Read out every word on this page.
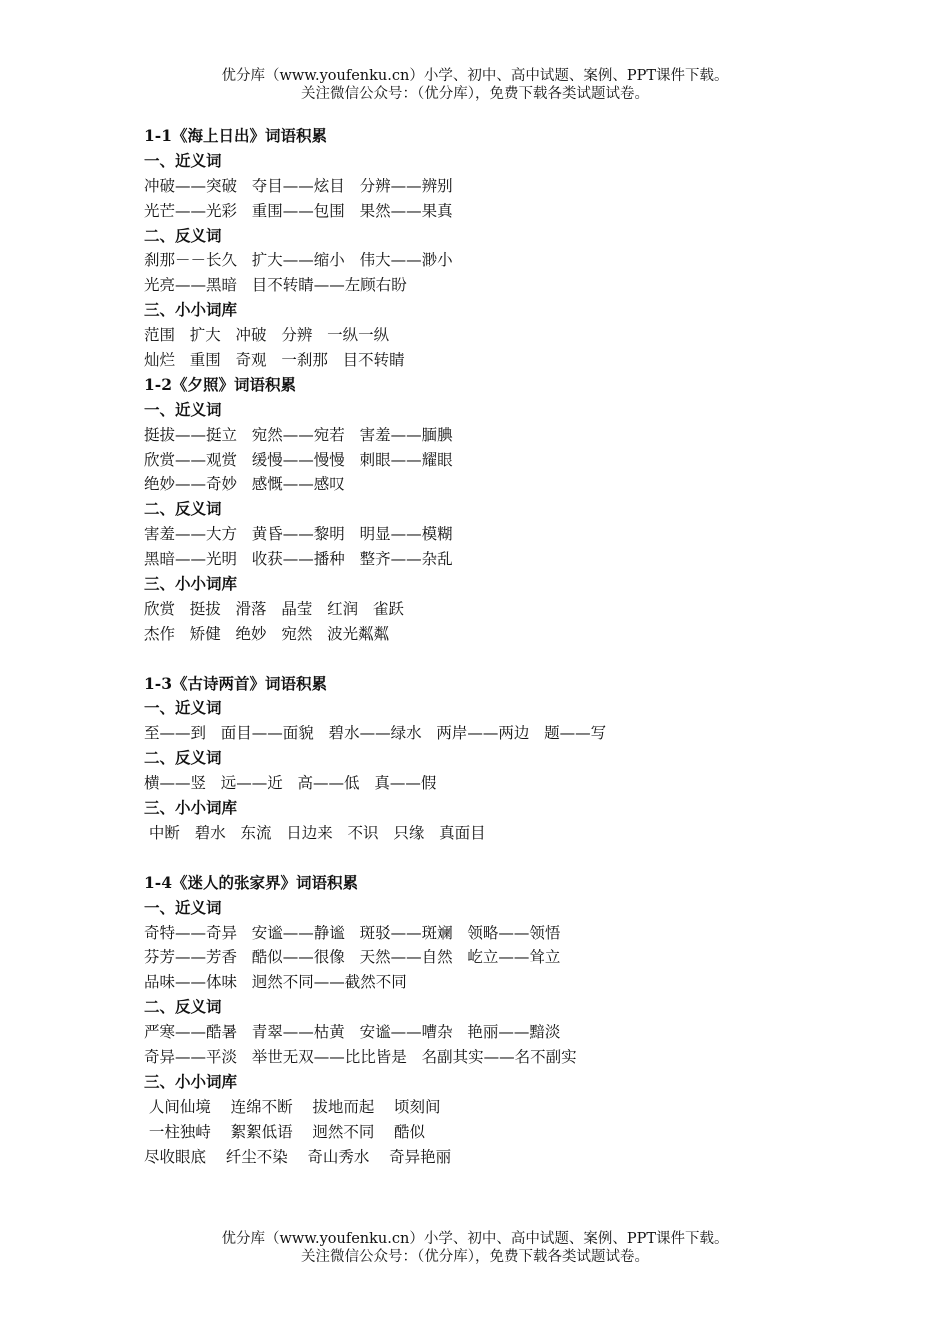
优分库（www.youfenku.cn）小学、初中、高中试题、案例、PPT课件下载。
关注微信公众号：（优分库），免费下载各类试题试卷。
1-1《海上日出》词语积累
一、近义词
冲破——突破   夺目——炫目   分辨——辨别
光芒——光彩   重围——包围   果然——果真
二、反义词
刹那－－长久   扩大——缩小   伟大——渺小
光亮——黑暗   目不转睛——左顾右盼
三、小小词库
范围   扩大   冲破   分辨   一纵一纵
灿烂   重围   奇观   一刹那   目不转睛
1-2《夕照》词语积累
一、近义词
挺拔——挺立   宛然——宛若   害羞——腼腆
欣赏——观赏   缓慢——慢慢   刺眼——耀眼
绝妙——奇妙   感慨——感叹
二、反义词
害羞——大方   黄昏——黎明   明显——模糊
黑暗——光明   收获——播种   整齐——杂乱
三、小小词库
欣赏   挺拔   滑落   晶莹   红润   雀跃
杰作   矫健   绝妙   宛然   波光粼粼
1-3《古诗两首》词语积累
一、近义词
至——到   面目——面貌   碧水——绿水   两岸——两边   题——写
二、反义词
横——竖   远——近   高——低   真——假
三、小小词库
中断   碧水   东流   日边来   不识   只缘   真面目
1-4《迷人的张家界》词语积累
一、近义词
奇特——奇异   安谧——静谧   斑驳——斑斓   领略——领悟
芬芳——芳香   酷似——很像   天然——自然   屹立——耸立
品味——体味   迥然不同——截然不同
二、反义词
严寒——酷暑   青翠——枯黄   安谧——嘈杂   艳丽——黯淡
奇异——平淡   举世无双——比比皆是   名副其实——名不副实
三、小小词库
人间仙境    连绵不断    拔地而起    顷刻间
一柱独峙    絮絮低语    迥然不同    酷似
尽收眼底    纤尘不染    奇山秀水    奇异艳丽
优分库（www.youfenku.cn）小学、初中、高中试题、案例、PPT课件下载。
关注微信公众号：（优分库），免费下载各类试题试卷。
